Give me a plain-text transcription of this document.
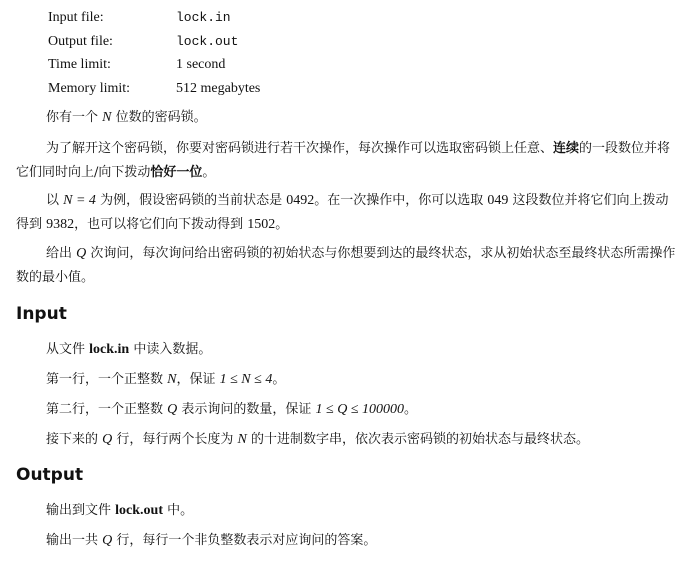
Input file:	lock.in
Output file:	lock.out
Time limit:	1 second
Memory limit:	512 megabytes
你有一个 N 位数的密码锁。
为了解开这个密码锁，你要对密码锁进行若干次操作，每次操作可以选取密码锁上任意、连续的一段数位并将它们同时向上/向下拨动恰好一位。
以 N = 4 为例，假设密码锁的当前状态是 0492。在一次操作中，你可以选取 049 这段数位并将它们向上拨动得到 9382，也可以将它们向下拨动得到 1502。
给出 Q 次询问，每次询问给出密码锁的初始状态与你想要到达的最终状态，求从初始状态至最终状态所需操作数的最小值。
Input
从文件 lock.in 中读入数据。
第一行，一个正整数 N，保证 1 ≤ N ≤ 4。
第二行，一个正整数 Q 表示询问的数量，保证 1 ≤ Q ≤ 100000。
接下来的 Q 行，每行两个长度为 N 的十进制数字串，依次表示密码锁的初始状态与最终状态。
Output
输出到文件 lock.out 中。
输出一共 Q 行，每行一个非负整数表示对应询问的答案。
